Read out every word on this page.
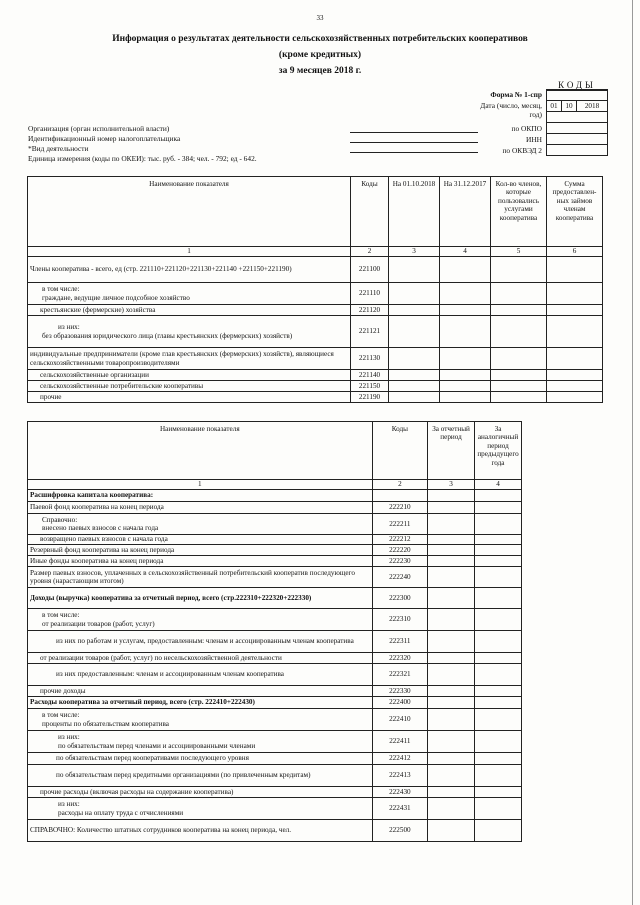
33
Информация о результатах деятельности сельскохозяйственных потребительских кооперативов
(кроме кредитных)
за 9 месяцев 2018 г.
КОДЫ
Форма № 1-спр
Дата (число, месяц, год)
01	10	2018
по ОКПО
ИНН
по ОКВЭД 2
Организация (орган исполнительной власти)
Идентификационный номер налогоплательщика
*Вид деятельности
Единица измерения (коды по ОКЕИ): тыс. руб. - 384; чел. - 792; ед - 642.
Наименование показателя	Коды	На 01.10.2018	На 31.12.2017	Кол-во членов, которые пользовались услугами кооператива	Сумма предоставлен-ных займов членам кооператива
1	2	3	4	5	6
Члены кооператива - всего, ед (стр. 221110+221120+221130+221140 +221150+221190)	221100				

в том числе:
граждане, ведущие личное подсобное хозяйство	221110				
крестьянские (фермерские) хозяйства	221120				

из них:
без образования юридического лица (главы крестьянских (фермерских) хозяйств)	221121				
индивидуальные предприниматели (кроме глав крестьянских (фермерских) хозяйств), являющиеся сельскохозяйственными товаропроизводителями	221130				
сельскохозяйственные организации	221140				
сельскохозяйственные потребительские кооперативы	221150				
прочие	221190				
Наименование показателя	Коды	За отчетный период	За аналогичный период предыдущего года
1	2	3	4
Расшифровка капитала кооператива:			
Паевой фонд кооператива на конец периода	222210		

Справочно:
внесено паевых взносов с начала года	222211		
возвращено паевых взносов с начала года	222212		
Резервный фонд кооператива на конец периода	222220		
Иные фонды кооператива на конец периода	222230		
Размер паевых взносов, уплаченных в сельскохозяйственный потребительский кооператив последующего уровня (нарастающим итогом)	222240		
Доходы (выручка) кооператива за отчетный период, всего (стр.222310+222320+222330)	222300		

в том числе:
от реализации товаров (работ, услуг)	222310		
из них по работам и услугам, предоставленным: членам и ассоциированным членам кооператива	222311		
от реализации товаров (работ, услуг) по несельскохозяйственной деятельности	222320		
из них предоставленным: членам и ассоциированным членам кооператива	222321		
прочие доходы	222330		
Расходы кооператива за отчетный период, всего (стр. 222410+222430)	222400		

в том числе:
проценты по обязательствам кооператива	222410		

из них:
по обязательствам перед членами и ассоциированными членами	222411		
по обязательствам перед кооперативами последующего уровня	222412		
по обязательствам перед кредитными организациями (по привлеченным кредитам)	222413		
прочие расходы (включая расходы на содержание кооператива)	222430		

из них:
расходы на оплату труда с отчислениями	222431		
СПРАВОЧНО: Количество штатных сотрудников кооператива на конец периода, чел.	222500		
